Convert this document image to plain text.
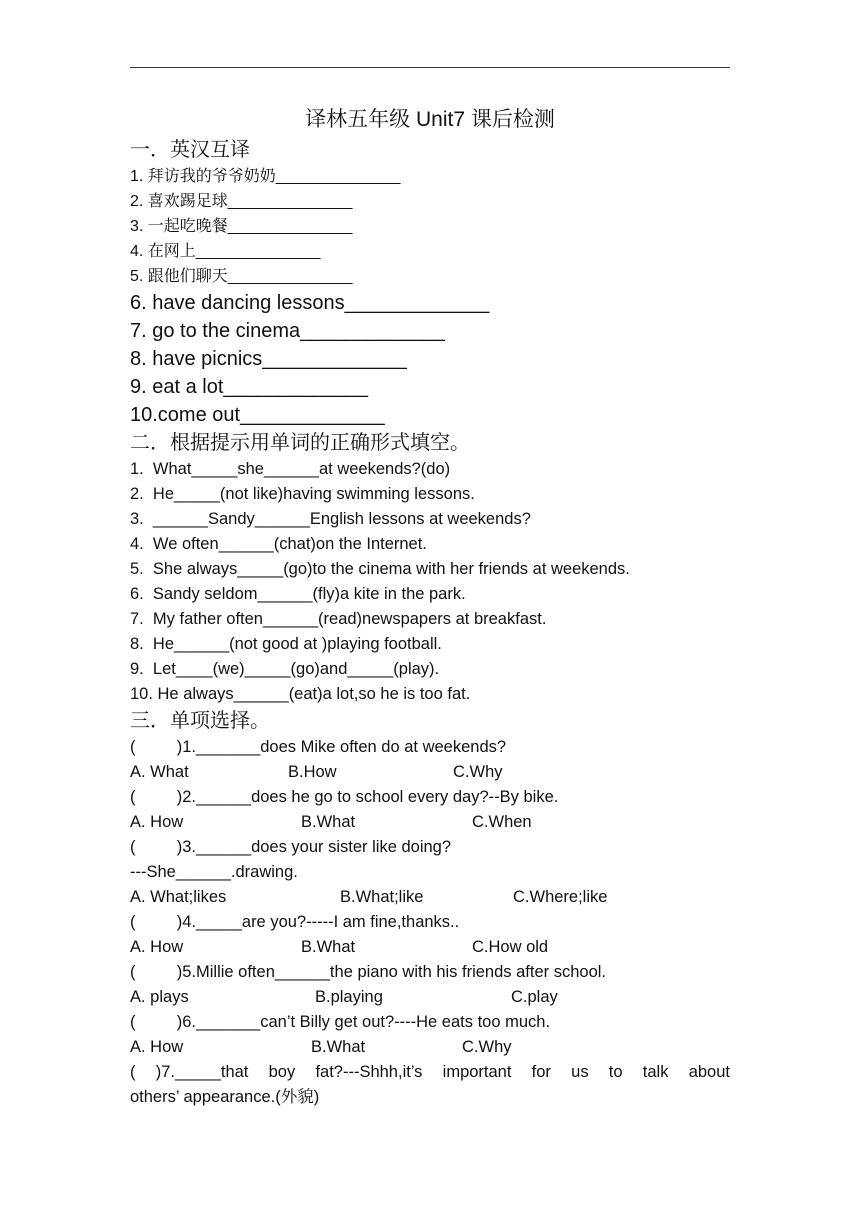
译林五年级 Unit7 课后检测
一．英汉互译
1. 拜访我的爷爷奶奶______________
2. 喜欢踢足球______________
3. 一起吃晚餐______________
4. 在网上______________
5. 跟他们聊天______________
6. have dancing lessons_____________
7. go to the cinema_____________
8. have picnics_____________
9. eat a lot_____________
10.come out_____________
二．根据提示用单词的正确形式填空。
1.  What_____she______at weekends?(do)
2.  He_____(not like)having swimming lessons.
3.  ______Sandy______English lessons at weekends?
4.  We often______(chat)on the Internet.
5.  She always_____(go)to the cinema with her friends at weekends.
6.  Sandy seldom______(fly)a kite in the park.
7.  My father often______(read)newspapers at breakfast.
8.  He______(not good at )playing football.
9.  Let____(we)_____(go)and_____(play).
10. He always______(eat)a lot,so he is too fat.
三．单项选择。
(         )1._______does Mike often do at weekends?
A. What	B.How	C.Why
(         )2.______does he go to school every day?--By bike.
A. How	B.What	C.When
(         )3.______does your sister like doing?
---She______.drawing.
A. What;likes	B.What;like	C.Where;like
(         )4._____are you?-----I am fine,thanks..
A. How	B.What	C.How old
(         )5.Millie often______the piano with his friends after school.
A. plays	B.playing	C.play
(         )6._______can’t Billy get out?----He eats too much.
A. How	B.What	C.Why
( )7._____that boy fat?---Shhh,it’s important for us to talk about
others’ appearance.(外貌)
